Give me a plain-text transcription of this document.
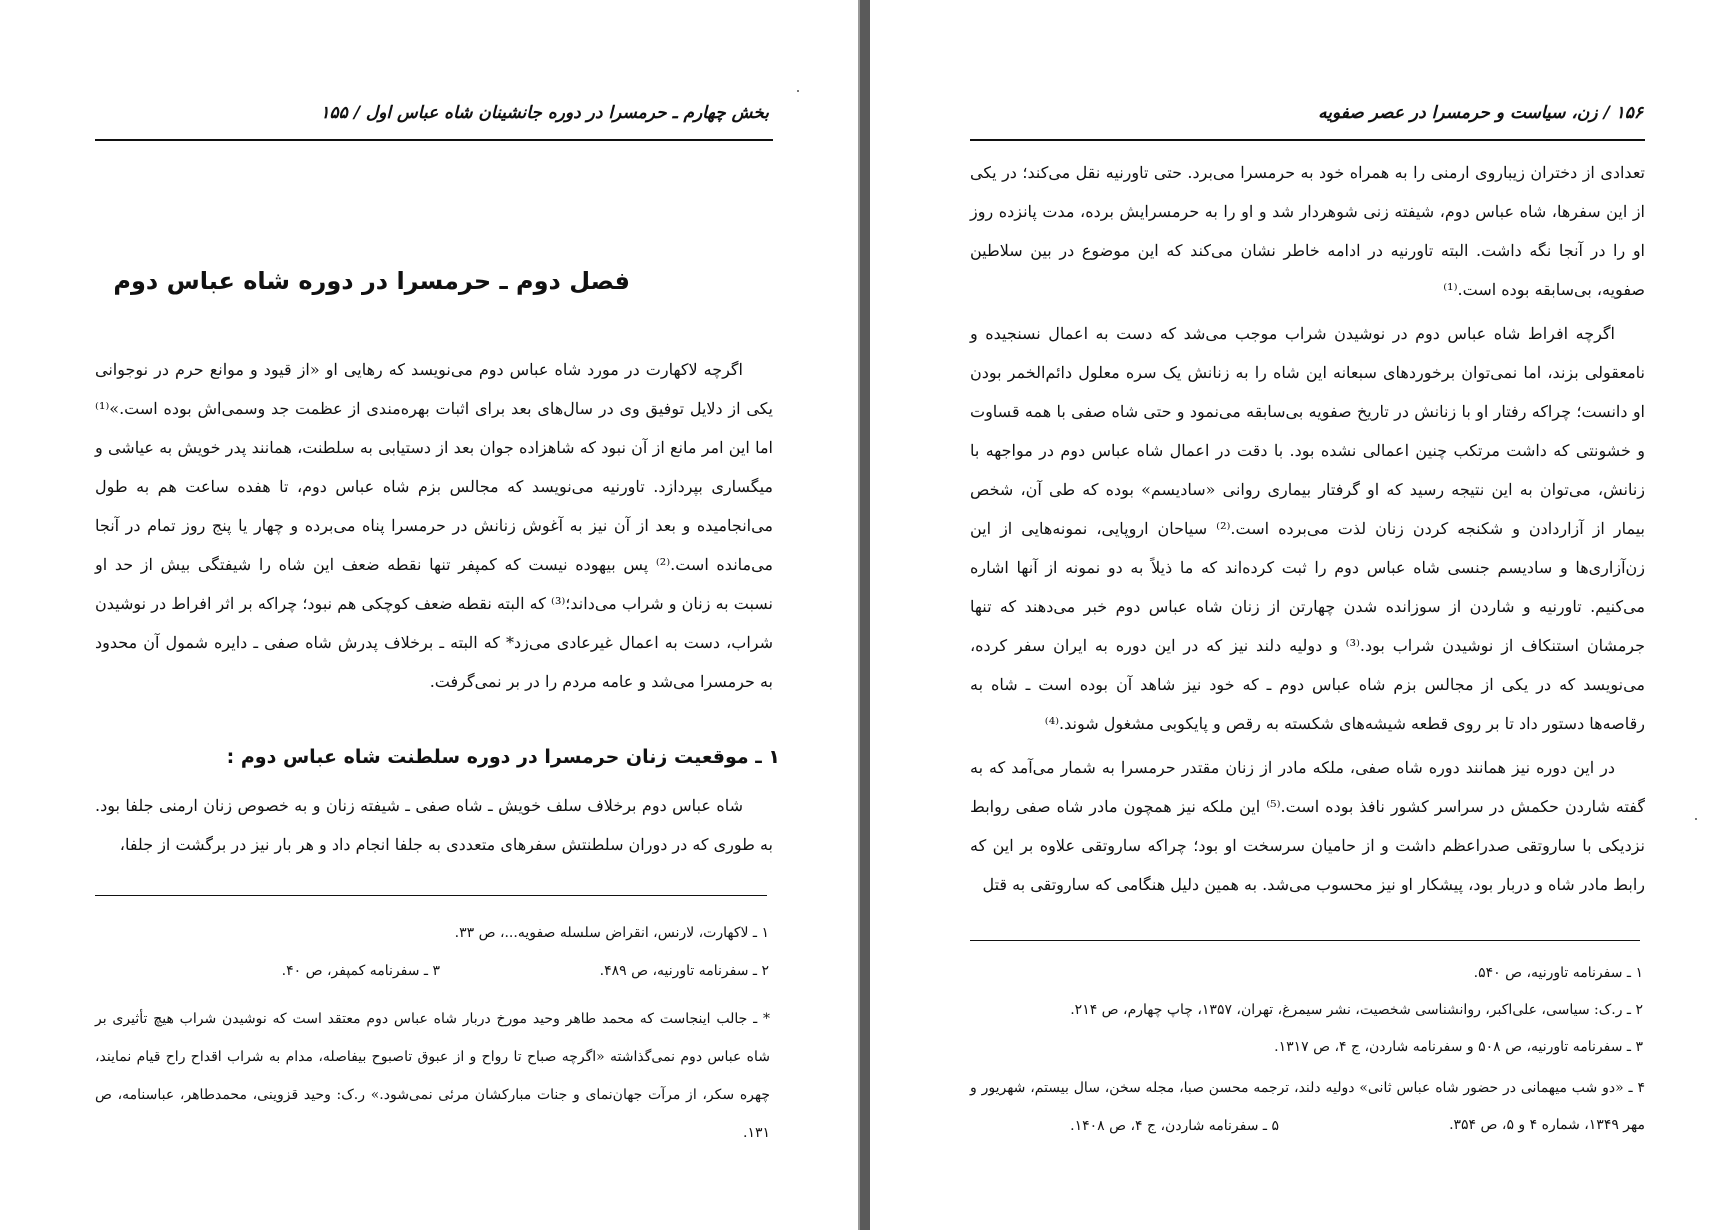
بخش چهارم ـ حرمسرا در دوره جانشینان شاه عباس اول / ۱۵۵
فصل دوم ـ حرمسرا در دوره شاه عباس دوم

اگرچه لاکهارت در مورد شاه عباس دوم می‌نویسد که رهایی او «از قیود و موانع حرم در نوجوانی یکی از دلایل توفیق وی در سال‌های بعد برای اثبات بهره‌مندی از عظمت جد وسمی‌اش بوده است.»⁽¹⁾ اما این امر مانع از آن نبود که شاهزاده جوان بعد از دستیابی به سلطنت، همانند پدر خویش به عیاشی و میگساری بپردازد. تاورنیه می‌نویسد که مجالس بزم شاه عباس دوم، تا هفده ساعت هم به طول می‌انجامیده و بعد از آن نیز به آغوش زنانش در حرمسرا پناه می‌برده و چهار یا پنج روز تمام در آنجا می‌مانده است.⁽²⁾ پس بیهوده نیست که کمپفر تنها نقطه ضعف این شاه را شیفتگی بیش از حد او نسبت به زنان و شراب می‌داند؛⁽³⁾ که البته نقطه ضعف کوچکی هم نبود؛ چراکه بر اثر افراط در نوشیدن شراب، دست به اعمال غیرعادی می‌زد* که البته ـ برخلاف پدرش شاه صفی ـ دایره شمول آن محدود به حرمسرا می‌شد و عامه مردم را در بر نمی‌گرفت.

۱ ـ موقعیت زنان حرمسرا در دوره سلطنت شاه عباس دوم :

شاه عباس دوم برخلاف سلف خویش ـ شاه صفی ـ شیفته زنان و به خصوص زنان ارمنی جلفا بود. به طوری که در دوران سلطنتش سفرهای متعددی به جلفا انجام داد و هر بار نیز در برگشت از جلفا،

۱ ـ لاکهارت، لارنس، انقراض سلسله صفویه...، ص ۳۳.
۲ ـ سفرنامه تاورنیه، ص ۴۸۹.
۳ ـ سفرنامه کمپفر، ص ۴۰.
* ـ جالب اینجاست که محمد طاهر وحید مورخ دربار شاه عباس دوم معتقد است که نوشیدن شراب هیچ تأثیری بر شاه عباس دوم نمی‌گذاشته «اگرچه صباح تا رواح و از عبوق تاصبوح بیفاصله، مدام به شراب اقداح راح قیام نمایند، چهره سکر، از مرآت جهان‌نمای و جنات مبارکشان مرئی نمی‌شود.» ر.ک: وحید قزوینی، محمدطاهر، عباسنامه، ص ۱۳۱.
۱۵۶ / زن، سیاست و حرمسرا در عصر صفویه

تعدادی از دختران زیباروی ارمنی را به همراه خود به حرمسرا می‌برد. حتی تاورنیه نقل می‌کند؛ در یکی از این سفرها، شاه عباس دوم، شیفته زنی شوهردار شد و او را به حرمسرایش برده، مدت پانزده روز او را در آنجا نگه داشت. البته تاورنیه در ادامه خاطر نشان می‌کند که این موضوع در بین سلاطین صفویه، بی‌سابقه بوده است.⁽¹⁾

اگرچه افراط شاه عباس دوم در نوشیدن شراب موجب می‌شد که دست به اعمال نسنجیده و نامعقولی بزند، اما نمی‌توان برخوردهای سبعانه این شاه را به زنانش یک سره معلول دائم‌الخمر بودن او دانست؛ چراکه رفتار او با زنانش در تاریخ صفویه بی‌سابقه می‌نمود و حتی شاه صفی با همه قساوت و خشونتی که داشت مرتکب چنین اعمالی نشده بود. با دقت در اعمال شاه عباس دوم در مواجهه با زنانش، می‌توان به این نتیجه رسید که او گرفتار بیماری روانی «سادیسم» بوده که طی آن، شخص بیمار از آزاردادن و شکنجه کردن زنان لذت می‌برده است.⁽²⁾ سیاحان اروپایی، نمونه‌هایی از این زن‌آزاری‌ها و سادیسم جنسی شاه عباس دوم را ثبت کرده‌اند که ما ذیلاً به دو نمونه از آنها اشاره می‌کنیم. تاورنیه و شاردن از سوزانده شدن چهارتن از زنان شاه عباس دوم خبر می‌دهند که تنها جرمشان استنکاف از نوشیدن شراب بود.⁽³⁾ و دولیه دلند نیز که در این دوره به ایران سفر کرده، می‌نویسد که در یکی از مجالس بزم شاه عباس دوم ـ که خود نیز شاهد آن بوده است ـ شاه به رقاصه‌ها دستور داد تا بر روی قطعه شیشه‌های شکسته به رقص و پایکوبی مشغول شوند.⁽⁴⁾

در این دوره نیز همانند دوره شاه صفی، ملکه مادر از زنان مقتدر حرمسرا به شمار می‌آمد که به گفته شاردن حکمش در سراسر کشور نافذ بوده است.⁽⁵⁾ این ملکه نیز همچون مادر شاه صفی روابط نزدیکی با ساروتقی صدراعظم داشت و از حامیان سرسخت او بود؛ چراکه ساروتقی علاوه بر این که رابط مادر شاه و دربار بود، پیشکار او نیز محسوب می‌شد. به همین دلیل هنگامی که ساروتقی به قتل

۱ ـ سفرنامه تاورنیه، ص ۵۴۰.
۲ ـ ر.ک: سیاسی، علی‌اکبر، روانشناسی شخصیت، نشر سیمرغ، تهران، ۱۳۵۷، چاپ چهارم، ص ۲۱۴.
۳ ـ سفرنامه تاورنیه، ص ۵۰۸ و سفرنامه شاردن، ج ۴، ص ۱۳۱۷.
۴ ـ «دو شب میهمانی در حضور شاه عباس ثانی» دولیه دلند، ترجمه محسن صبا، مجله سخن، سال بیستم، شهریور و مهر ۱۳۴۹، شماره ۴ و ۵، ص ۳۵۴.
۵ ـ سفرنامه شاردن، ج ۴، ص ۱۴۰۸.
